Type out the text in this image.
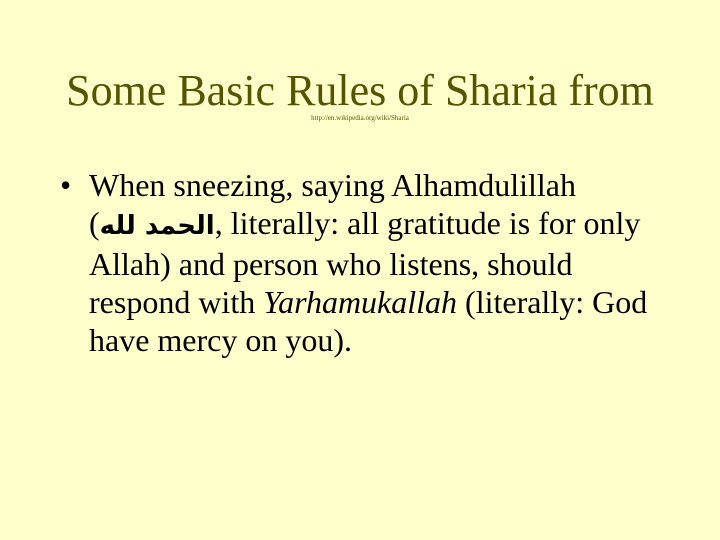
Some Basic Rules of Sharia from
http://en.wikipedia.org/wiki/Sharia
• When sneezing, saying Alhamdulillah (الحمد لله, literally: all gratitude is for only Allah) and person who listens, should respond with Yarhamukallah (literally: God have mercy on you).
